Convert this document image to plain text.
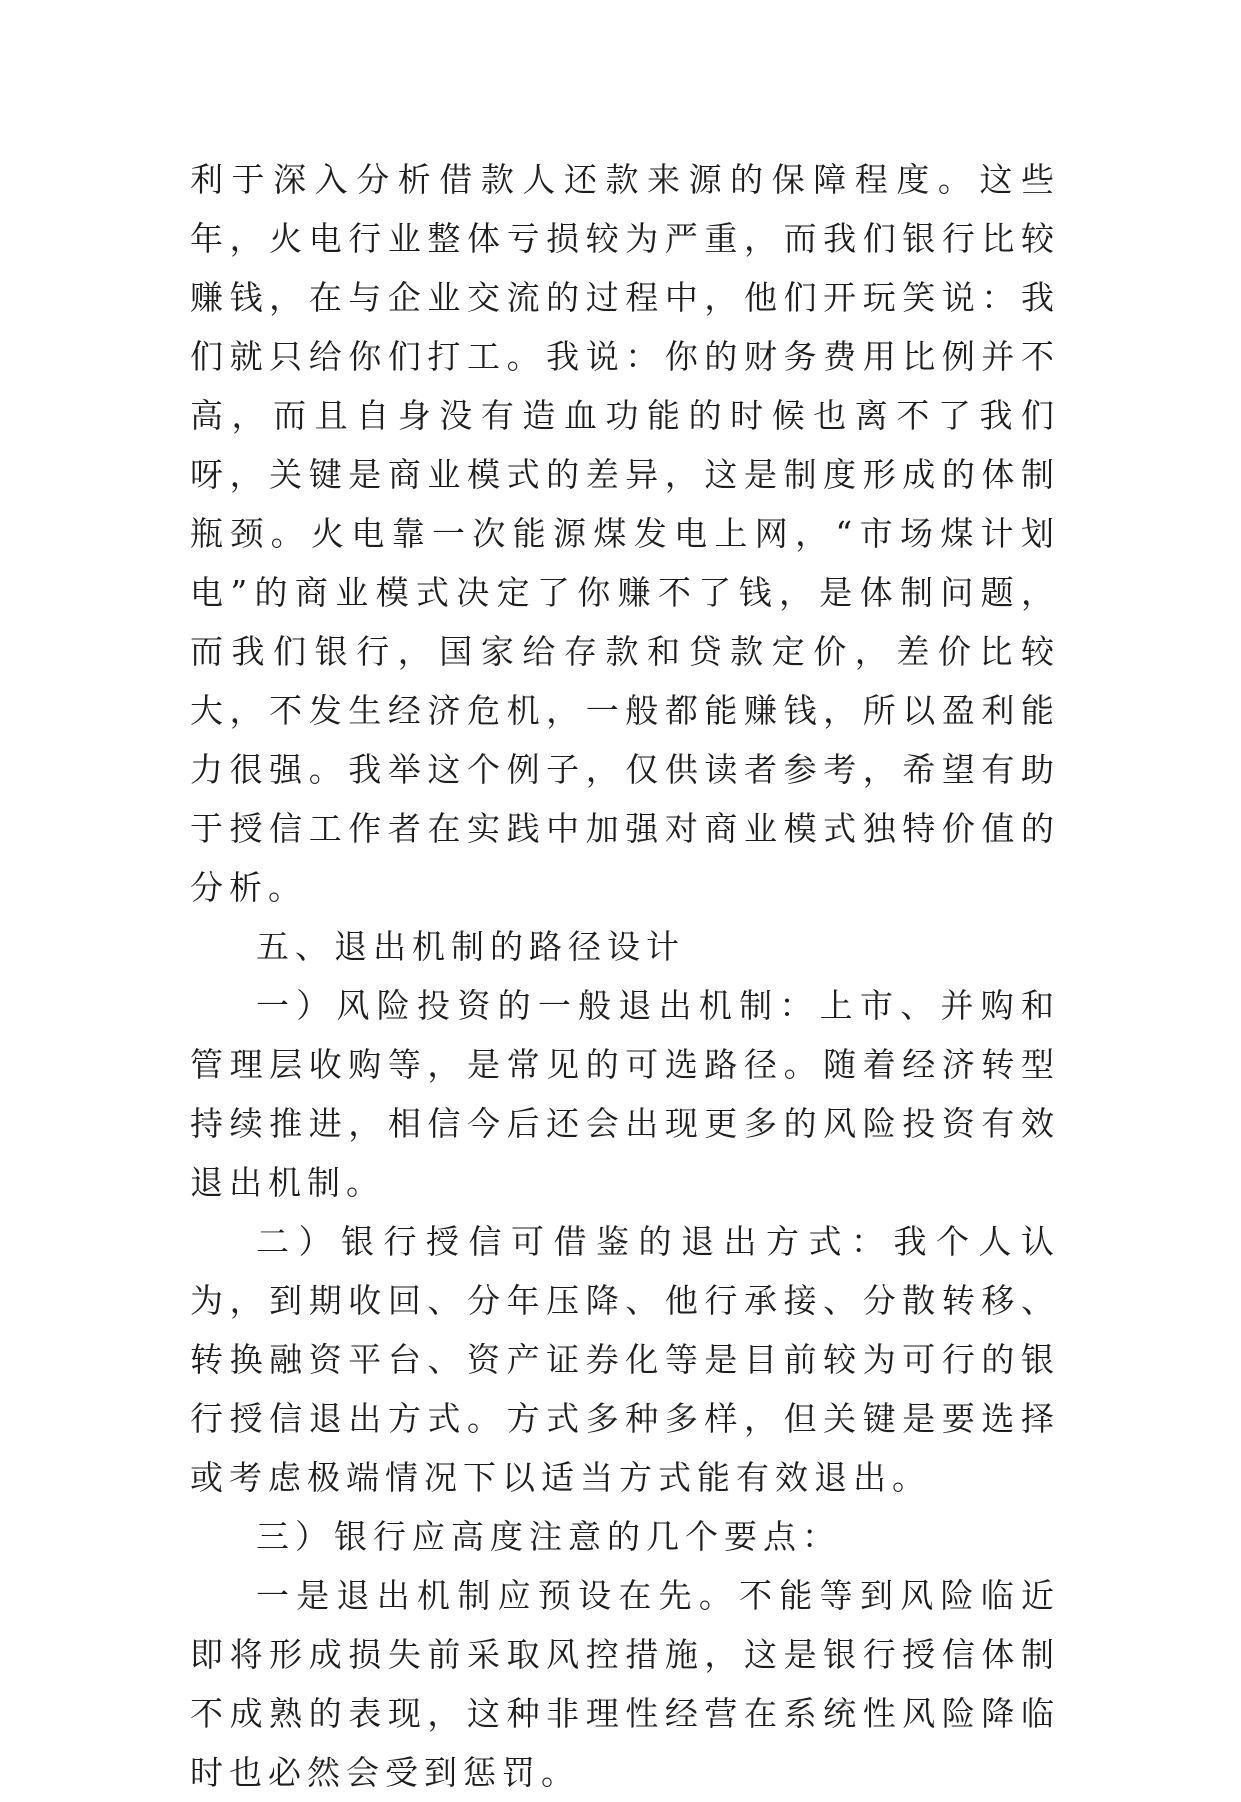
利于深入分析借款人还款来源的保障程度。这些年，火电行业整体亏损较为严重，而我们银行比较赚钱，在与企业交流的过程中，他们开玩笑说：我们就只给你们打工。我说：你的财务费用比例并不高，而且自身没有造血功能的时候也离不了我们呀，关键是商业模式的差异，这是制度形成的体制瓶颈。火电靠一次能源煤发电上网，“市场煤计划电”的商业模式决定了你赚不了钱，是体制问题，而我们银行，国家给存款和贷款定价，差价比较大，不发生经济危机，一般都能赚钱，所以盈利能力很强。我举这个例子，仅供读者参考，希望有助于授信工作者在实践中加强对商业模式独特价值的分析。

五、退出机制的路径设计

一）风险投资的一般退出机制：上市、并购和管理层收购等，是常见的可选路径。随着经济转型持续推进，相信今后还会出现更多的风险投资有效退出机制。

二）银行授信可借鉴的退出方式：我个人认为，到期收回、分年压降、他行承接、分散转移、转换融资平台、资产证券化等是目前较为可行的银行授信退出方式。方式多种多样，但关键是要选择或考虑极端情况下以适当方式能有效退出。

三）银行应高度注意的几个要点：

一是退出机制应预设在先。不能等到风险临近即将形成损失前采取风控措施，这是银行授信体制不成熟的表现，这种非理性经营在系统性风险降临时也必然会受到惩罚。
